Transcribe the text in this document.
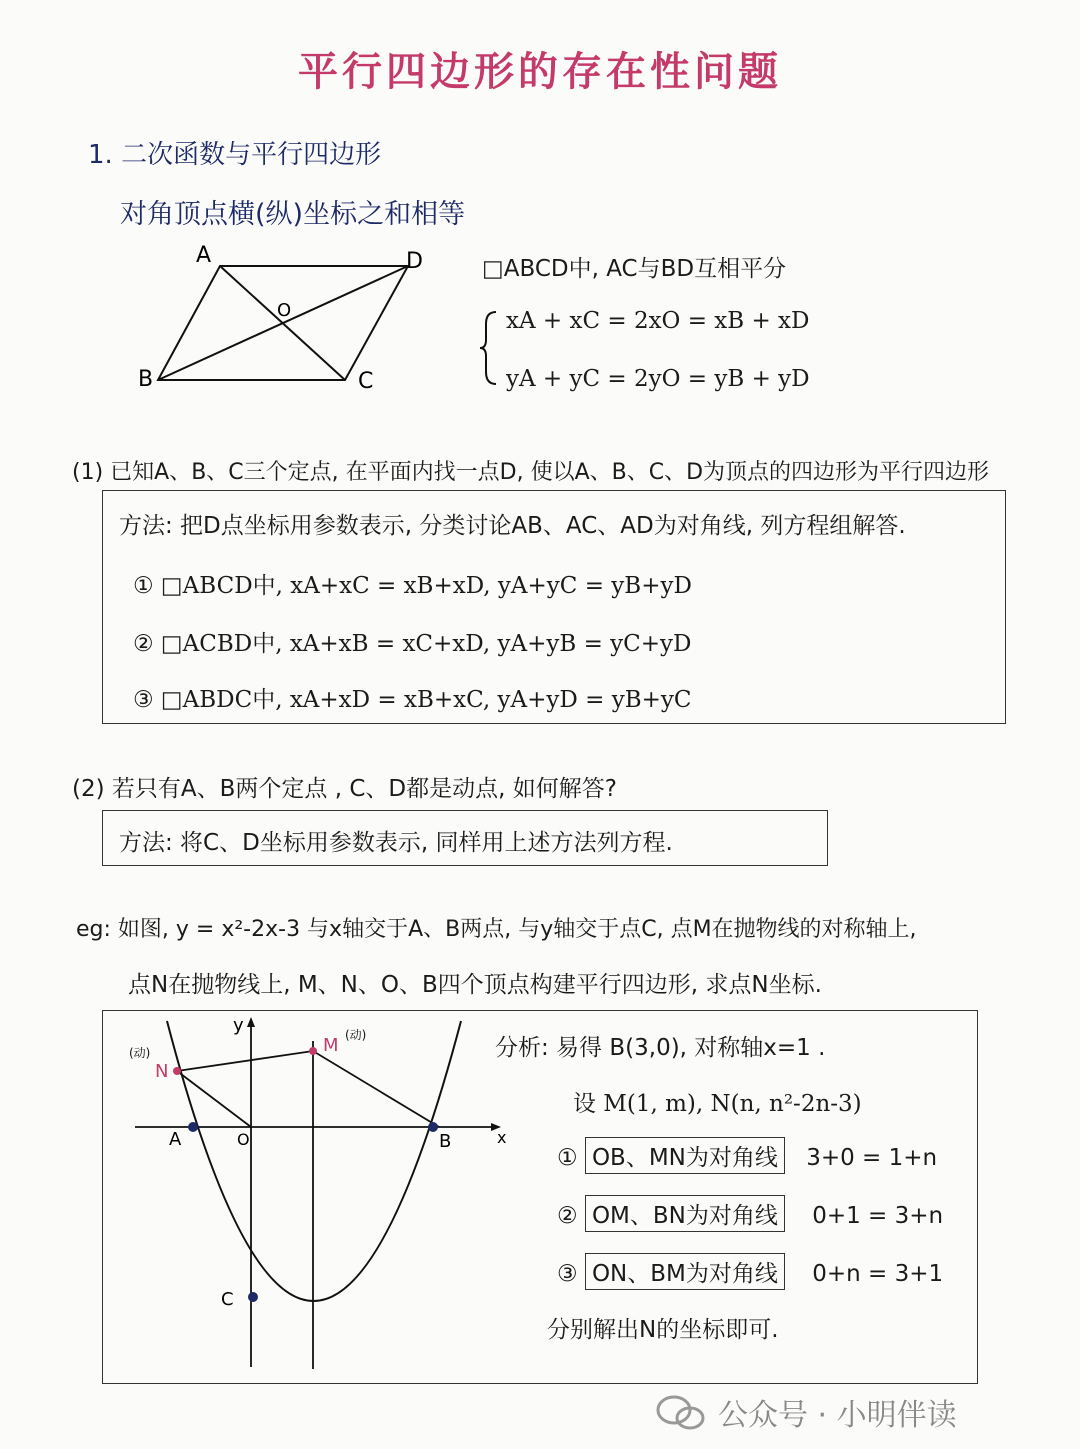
平行四边形的存在性问题
1. 二次函数与平行四边形
对角顶点横(纵)坐标之和相等
A	D
B	C
O
□ABCD中, AC与BD互相平分
xA + xC = 2xO = xB + xD
yA + yC = 2yO = yB + yD
(1) 已知A、B、C三个定点, 在平面内找一点D, 使以A、B、C、D为顶点的四边形为平行四边形
方法: 把D点坐标用参数表示, 分类讨论AB、AC、AD为对角线, 列方程组解答.
① □ABCD中, xA+xC = xB+xD, yA+yC = yB+yD
② □ACBD中, xA+xB = xC+xD, yA+yB = yC+yD
③ □ABDC中, xA+xD = xB+xC, yA+yD = yB+yC
(2) 若只有A、B两个定点 , C、D都是动点, 如何解答?
方法: 将C、D坐标用参数表示, 同样用上述方法列方程.
eg: 如图, y = x²-2x-3 与x轴交于A、B两点, 与y轴交于点C, 点M在抛物线的对称轴上,
点N在抛物线上, M、N、O、B四个顶点构建平行四边形, 求点N坐标.
y
x
A	O	B
C
M (动)
N
(动)	分析: 易得 B(3,0), 对称轴x=1 .
设 M(1, m), N(n, n²-2n-3)
① OB、MN为对角线 3+0 = 1+n
② OM、BN为对角线 0+1 = 3+n
③ ON、BM为对角线 0+n = 3+1
分别解出N的坐标即可.
公众号 · 小明伴读
